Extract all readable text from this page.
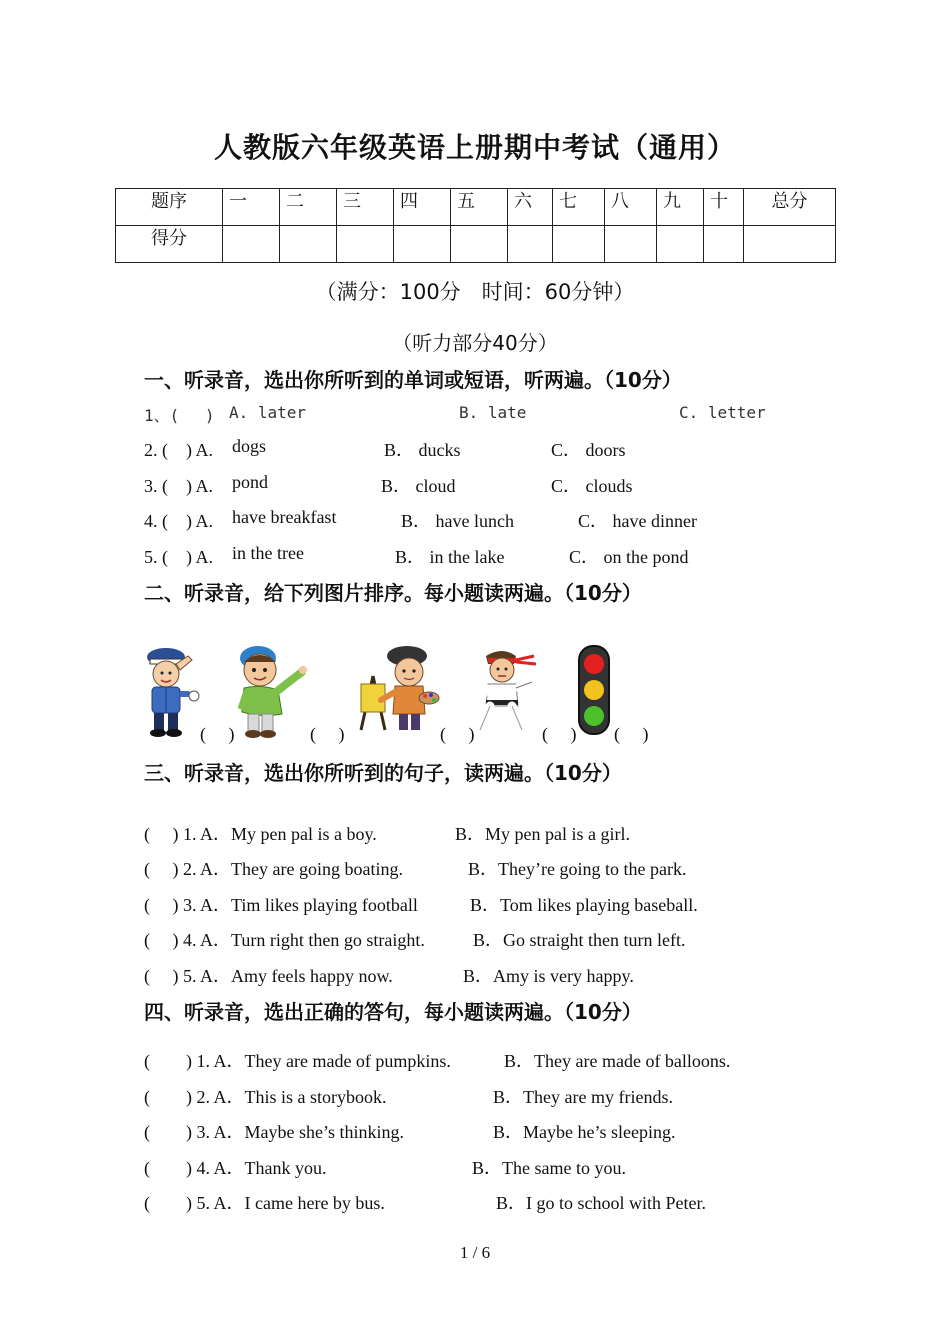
人教版六年级英语上册期中考试（通用）
题序	一	二	三	四	五	六	七	八	九	十	总分
得分											
（满分：100分　时间：60分钟）
（听力部分40分）
一、听录音，选出你所听到的单词或短语，听两遍。（10分）
1、(　 ) A. later	B. late	C. letter
2. (　) A. dogs	B． ducks	C． doors
3. (　) A. pond	B． cloud	C． clouds
4. (　) A. have breakfast	B． have lunch	C． have dinner
5. (　) A. in the tree	B． in the lake	C． on the pond
二、听录音，给下列图片排序。每小题读两遍。（10分）
(　 )	(　 )	(　 )	(　 ) (　 )
三、听录音，选出你所听到的句子，读两遍。（10分）
(　 ) 1. A．My pen pal is a boy.	B．My pen pal is a girl.
(　 ) 2. A．They are going boating.	B．They’re going to the park.
(　 ) 3. A．Tim likes playing football	B．Tom likes playing baseball.
(　 ) 4. A．Turn right then go straight.	B．Go straight then turn left.
(　 ) 5. A．Amy feels happy now.	B．Amy is very happy.
四、听录音，选出正确的答句，每小题读两遍。（10分）
(　　) 1. A．They are made of pumpkins.	B．They are made of balloons.
(　　) 2. A．This is a storybook.	B．They are my friends.
(　　) 3. A．Maybe she’s thinking.	B．Maybe he’s sleeping.
(　　) 4. A．Thank you.	B．The same to you.
(　　) 5. A．I came here by bus.	B．I go to school with Peter.
1 / 6
